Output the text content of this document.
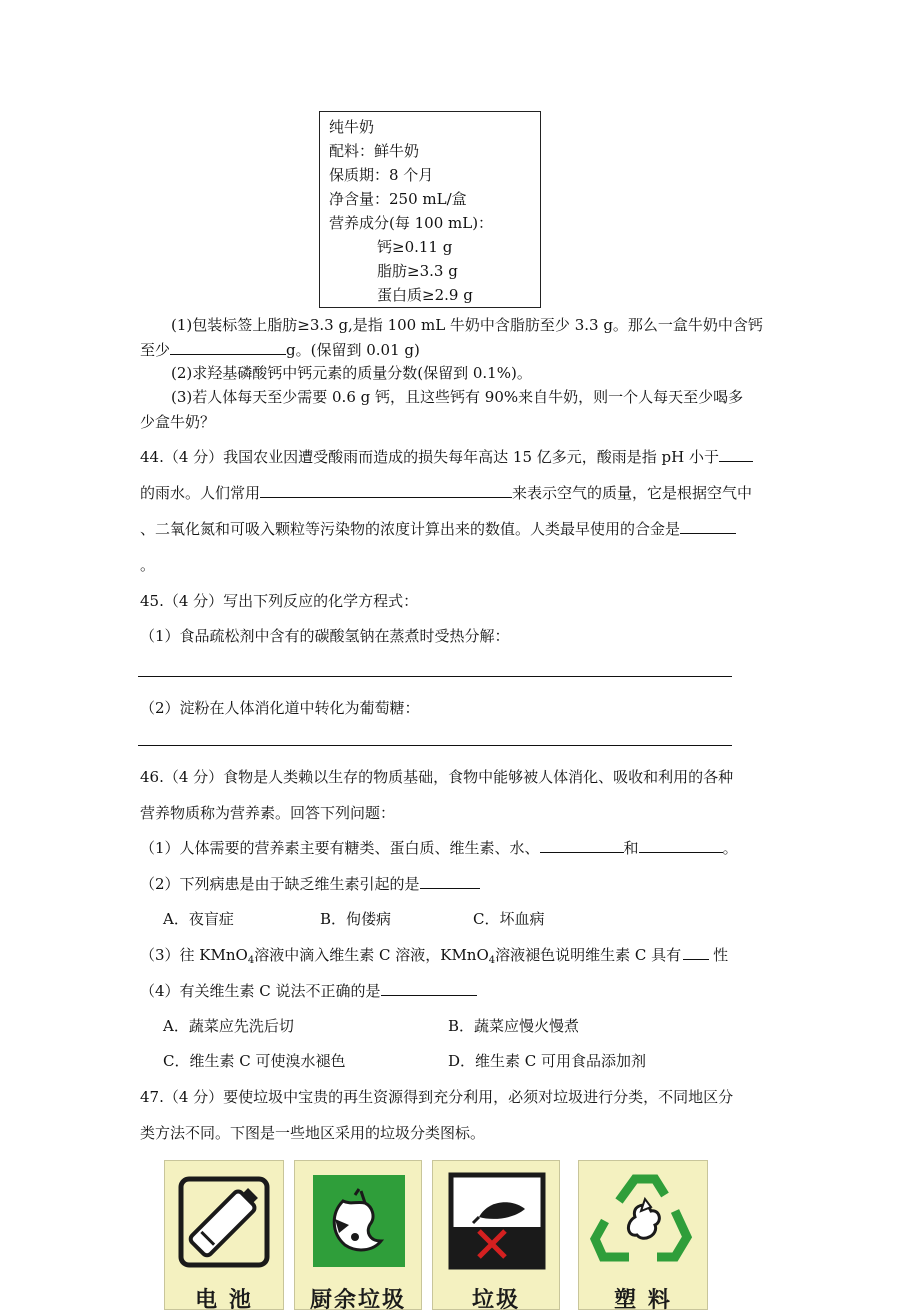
纯牛奶
配料：鲜牛奶
保质期：8 个月
净含量：250 mL/盒
营养成分(每 100 mL)：
钙≥0.11 g
脂肪≥3.3 g
蛋白质≥2.9 g
(1)包装标签上脂肪≥3.3 g,是指 100 mL 牛奶中含脂肪至少 3.3 g。那么一盒牛奶中含钙
至少	g。(保留到 0.01 g)
(2)求羟基磷酸钙中钙元素的质量分数(保留到 0.1%)。
(3)若人体每天至少需要 0.6 g 钙，且这些钙有 90%来自牛奶，则一个人每天至少喝多
少盒牛奶？
44.（4 分）我国农业因遭受酸雨而造成的损失每年高达 15 亿多元，酸雨是指 pH 小于
的雨水。人们常用	来表示空气的质量，它是根据空气中
、二氧化氮和可吸入颗粒等污染物的浓度计算出来的数值。人类最早使用的合金是
。
45.（4 分）写出下列反应的化学方程式：
（1）食品疏松剂中含有的碳酸氢钠在蒸煮时受热分解：
（2）淀粉在人体消化道中转化为葡萄糖：
46.（4 分）食物是人类赖以生存的物质基础，食物中能够被人体消化、吸收和利用的各种
营养物质称为营养素。回答下列问题：
（1）人体需要的营养素主要有糖类、蛋白质、维生素、水、	和	。
（2）下列病患是由于缺乏维生素引起的是
A．夜盲症	B．佝偻病	C．坏血病
（3）往 KMnO$_4$溶液中滴入维生素 C 溶液，KMnO$_4$溶液褪色说明维生素 C 具有 性
（4）有关维生素 C 说法不正确的是
A．蔬菜应先洗后切	B．蔬菜应慢火慢煮
C．维生素 C 可使溴水褪色	D．维生素 C 可用食品添加剂
47.（4 分）要使垃圾中宝贵的再生资源得到充分利用，必须对垃圾进行分类，不同地区分
类方法不同。下图是一些地区采用的垃圾分类图标。
电 池	厨余垃圾	垃圾	塑 料
